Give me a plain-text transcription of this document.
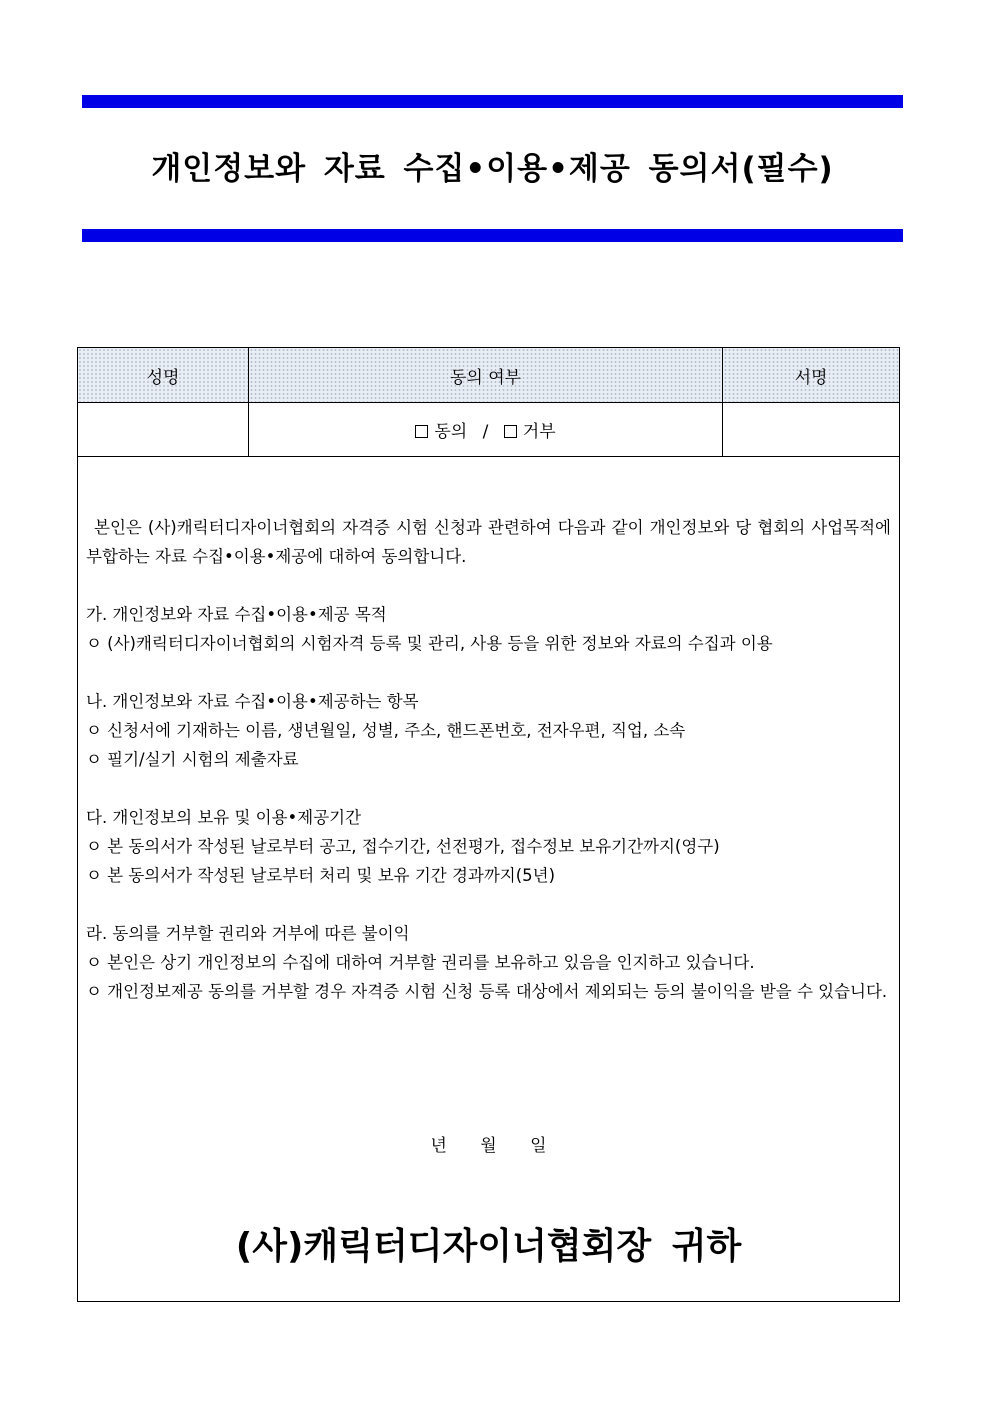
개인정보와 자료 수집•이용•제공 동의서(필수)
성명	동의 여부	서명
	동의 / 거부	

본인은 (사)캐릭터디자이너협회의 자격증 시험 신청과 관련하여 다음과 같이 개인정보와 당 협회의 사업목적에 부합하는 자료 수집•이용•제공에 대하여 동의합니다.

가. 개인정보와 자료 수집•이용•제공 목적

ㅇ (사)캐릭터디자이너협회의 시험자격 등록 및 관리, 사용 등을 위한 정보와 자료의 수집과 이용

나. 개인정보와 자료 수집•이용•제공하는 항목

ㅇ 신청서에 기재하는 이름, 생년월일, 성별, 주소, 핸드폰번호, 전자우편, 직업, 소속

ㅇ 필기/실기 시험의 제출자료

다. 개인정보의 보유 및 이용•제공기간

ㅇ 본 동의서가 작성된 날로부터 공고, 접수기간, 선전평가, 접수정보 보유기간까지(영구)

ㅇ 본 동의서가 작성된 날로부터 처리 및 보유 기간 경과까지(5년)

라. 동의를 거부할 권리와 거부에 따른 불이익

ㅇ 본인은 상기 개인정보의 수집에 대하여 거부할 권리를 보유하고 있음을 인지하고 있습니다.

ㅇ 개인정보제공 동의를 거부할 경우 자격증 시험 신청 등록 대상에서 제외되는 등의 불이익을 받을 수 있습니다.

년 월 일
(사)캐릭터디자이너협회장 귀하
